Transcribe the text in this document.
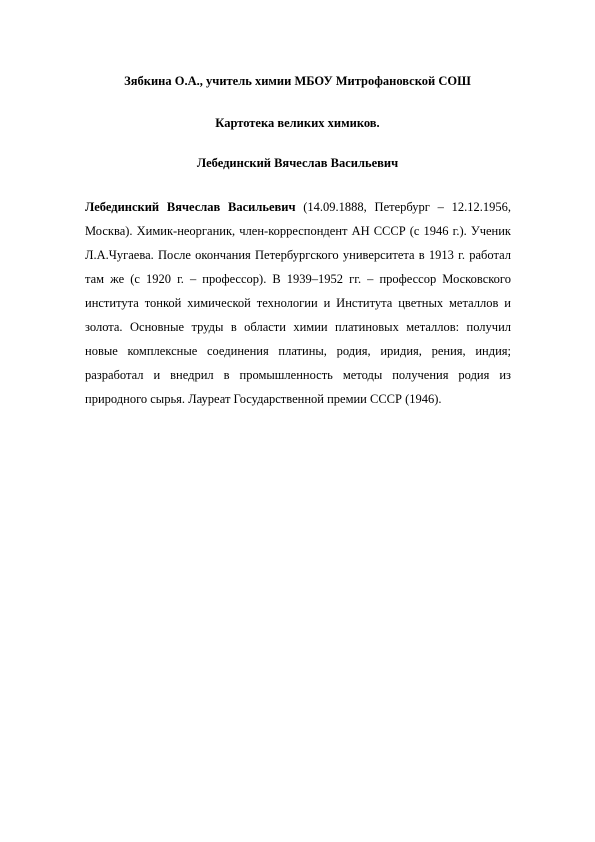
Зябкина О.А., учитель химии МБОУ Митрофановской СОШ
Картотека великих химиков.
Лебединский Вячеслав Васильевич
Лебединский Вячеслав Васильевич (14.09.1888, Петербург – 12.12.1956, Москва). Химик-неорганик, член-корреспондент АН СССР (с 1946 г.). Ученик Л.А.Чугаева. После окончания Петербургского университета в 1913 г. работал там же (с 1920 г. – профессор). В 1939–1952 гг. – профессор Московского института тонкой химической технологии и Института цветных металлов и золота. Основные труды в области химии платиновых металлов: получил новые комплексные соединения платины, родия, иридия, рения, индия; разработал и внедрил в промышленность методы получения родия из природного сырья. Лауреат Государственной премии СССР (1946).
